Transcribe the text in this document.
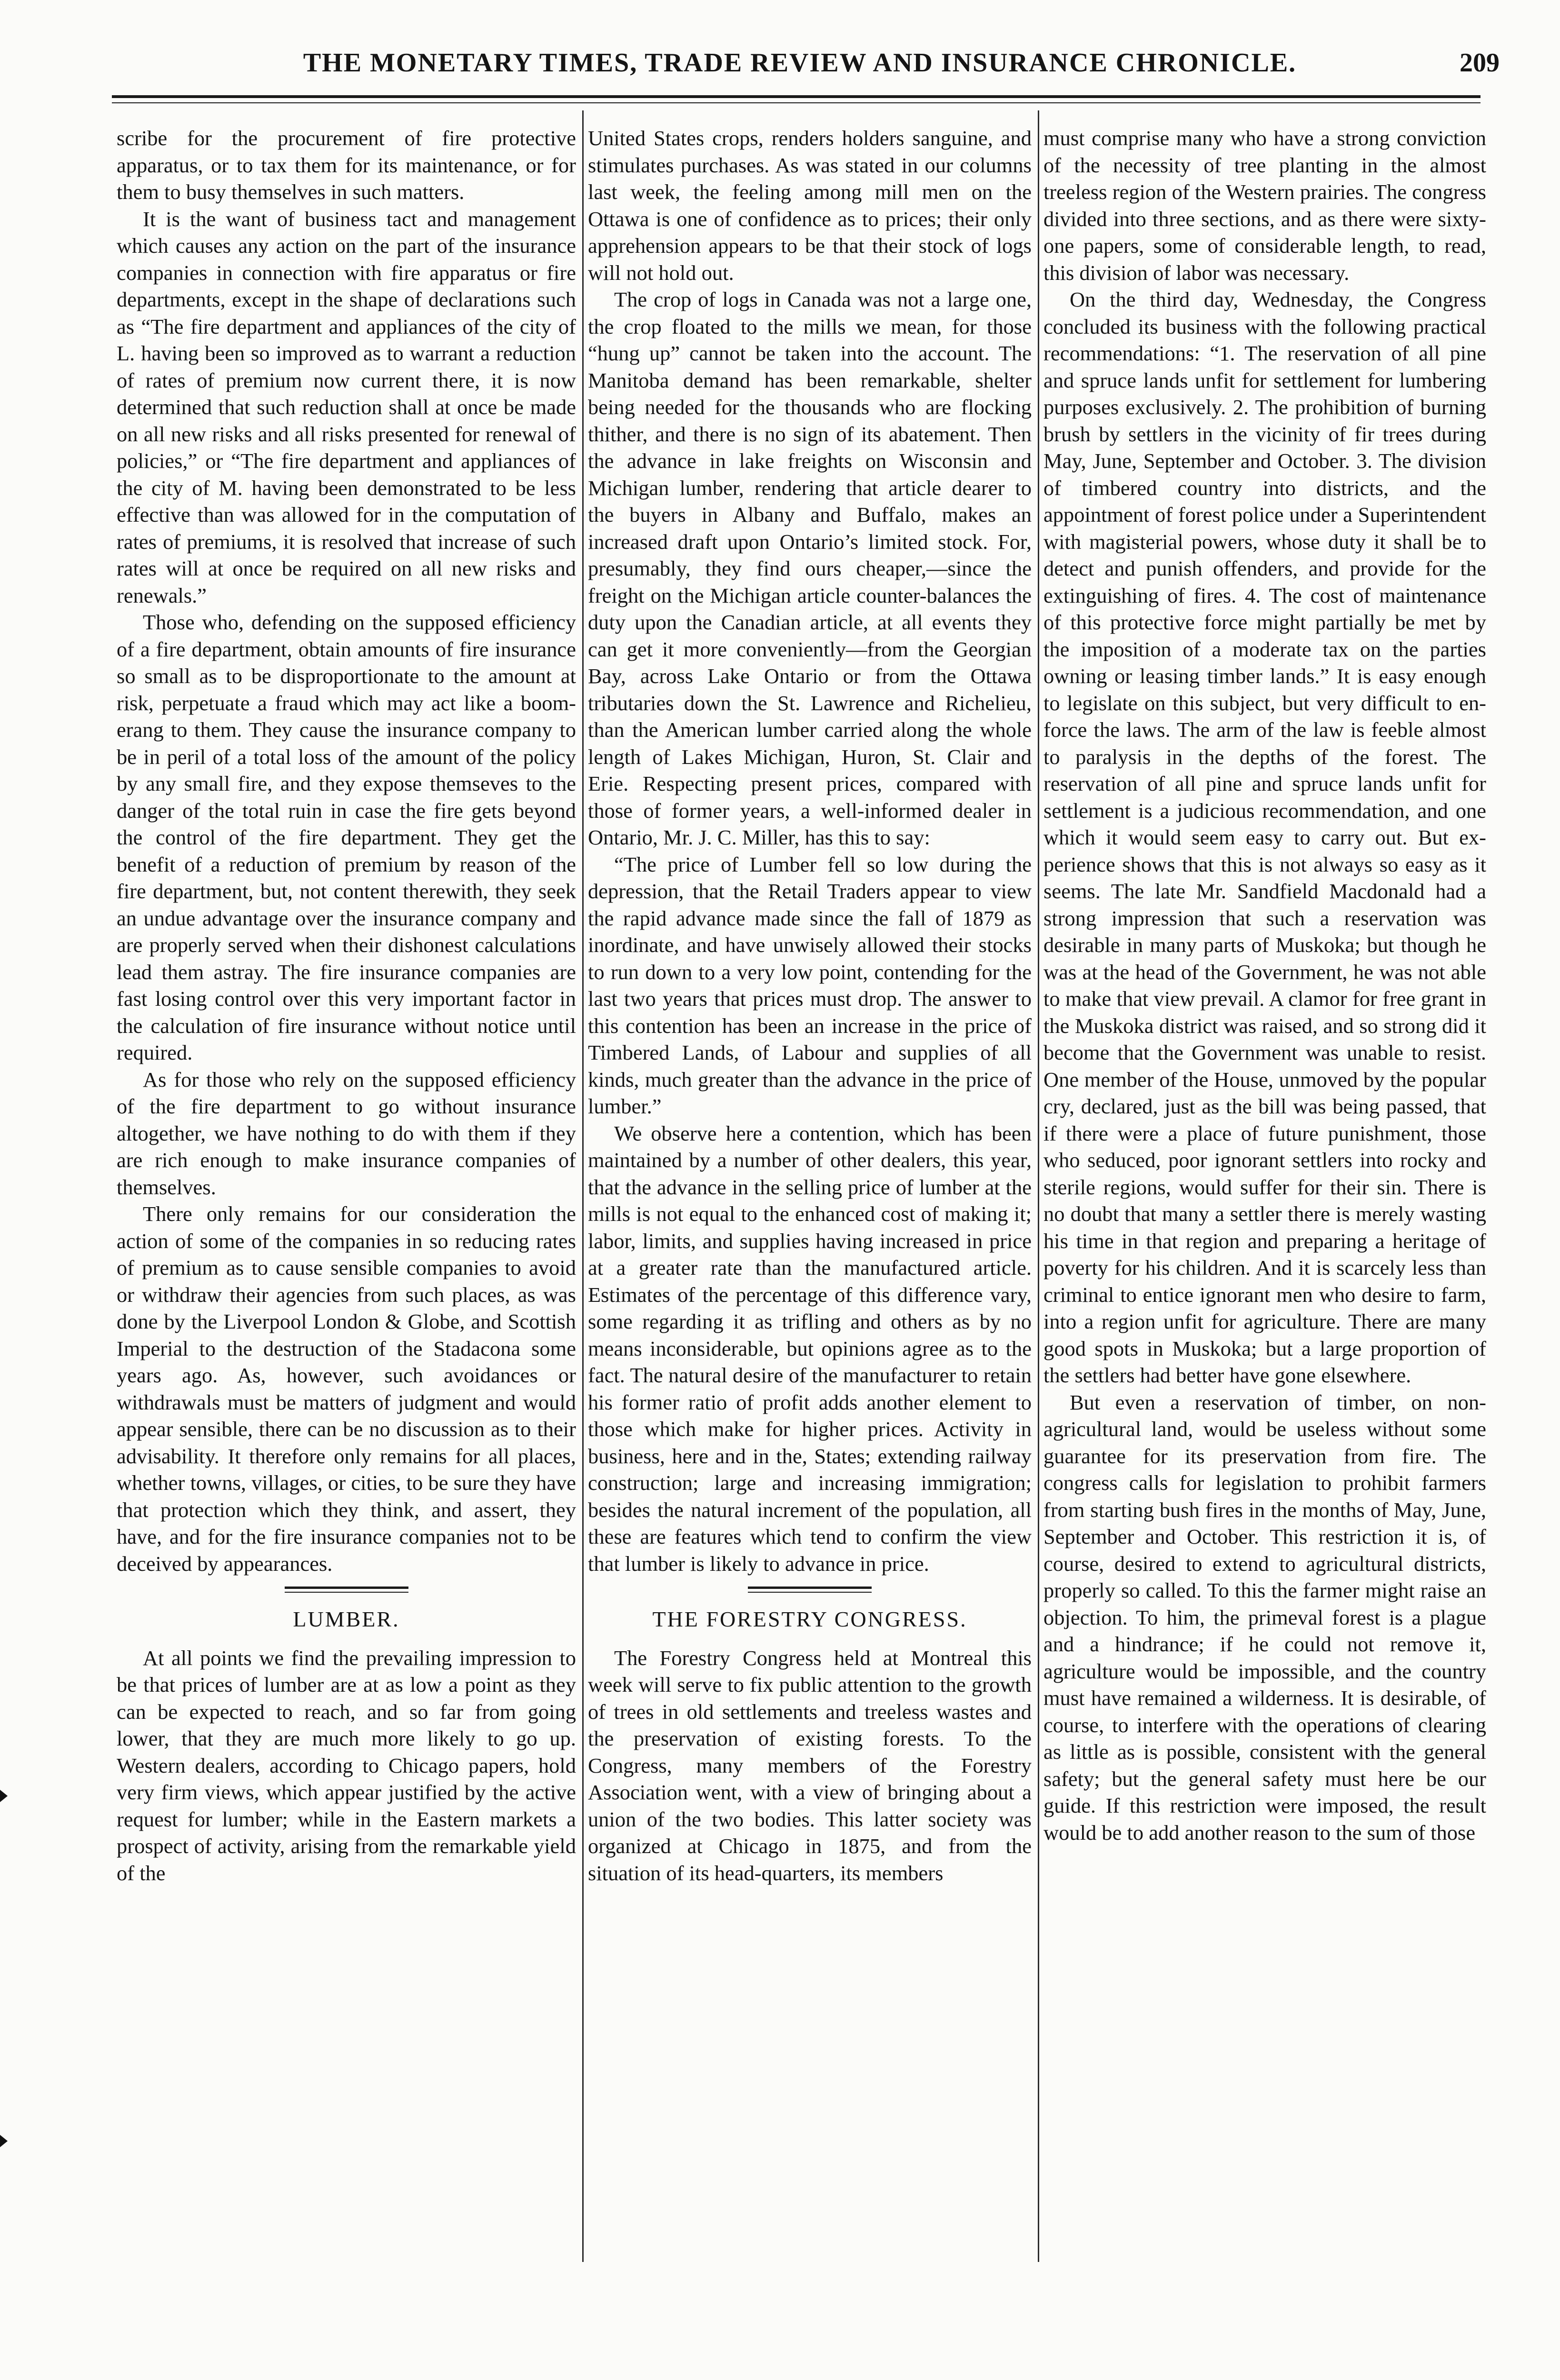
THE MONETARY TIMES, TRADE REVIEW AND INSURANCE CHRONICLE.	209

scribe for the procurement of fire protective apparatus, or to tax them for its maintenance, or for them to busy themselves in such matters.

It is the want of business tact and management which causes any action on the part of the insurance companies in connection with fire apparatus or fire departments, except in the shape of declarations such as “The fire department and appliances of the city of L. having been so improved as to warrant a reduction of rates of premium now current there, it is now determined that such reduction shall at once be made on all new risks and all risks presented for renewal of policies,” or “The fire department and appliances of the city of M. having been demonstrated to be less effective than was allowed for in the computation of rates of premiums, it is resolved that increase of such rates will at once be required on all new risks and renewals.”

Those who, defending on the supposed efficiency of a fire department, obtain amounts of fire insurance so small as to be disproportionate to the amount at risk, perpetuate a fraud which may act like a boomerang to them. They cause the insurance company to be in peril of a total loss of the amount of the policy by any small fire, and they expose themseves to the danger of the total ruin in case the fire gets beyond the control of the fire department. They get the benefit of a reduction of premium by reason of the fire department, but, not content therewith, they seek an undue advantage over the insurance company and are properly served when their dishonest calculations lead them astray. The fire insurance companies are fast losing control over this very important factor in the calculation of fire insurance without notice until required.

As for those who rely on the supposed efficiency of the fire department to go without insurance altogether, we have nothing to do with them if they are rich enough to make insurance companies of themselves.

There only remains for our consideration the action of some of the companies in so reducing rates of premium as to cause sensible companies to avoid or withdraw their agencies from such places, as was done by the Liverpool London & Globe, and Scottish Imperial to the destruction of the Stadacona some years ago. As, however, such avoidances or withdrawals must be matters of judgment and would appear sensible, there can be no discussion as to their advisability. It therefore only remains for all places, whether towns, villages, or cities, to be sure they have that protection which they think, and assert, they have, and for the fire insurance companies not to be deceived by appearances.

LUMBER.

At all points we find the prevailing impression to be that prices of lumber are at as low a point as they can be expected to reach, and so far from going lower, that they are much more likely to go up. Western dealers, according to Chicago papers, hold very firm views, which appear justified by the active request for lumber; while in the Eastern markets a prospect of activity, arising from the remarkable yield of the

United States crops, renders holders sanguine, and stimulates purchases. As was stated in our columns last week, the feeling among mill men on the Ottawa is one of confidence as to prices; their only apprehension appears to be that their stock of logs will not hold out.

The crop of logs in Canada was not a large one, the crop floated to the mills we mean, for those “hung up” cannot be taken into the account. The Manitoba demand has been remarkable, shelter being needed for the thousands who are flocking thither, and there is no sign of its abatement. Then the advance in lake freights on Wisconsin and Michigan lumber, rendering that article dearer to the buyers in Albany and Buffalo, makes an increased draft upon Ontario’s limited stock. For, presumably, they find ours cheaper,—since the freight on the Michigan article counter-balances the duty upon the Canadian article, at all events they can get it more conveniently—from the Georgian Bay, across Lake Ontario or from the Ottawa tributaries down the St. Lawrence and Richelieu, than the American lumber carried along the whole length of Lakes Michigan, Huron, St. Clair and Erie. Respecting present prices, compared with those of former years, a well-informed dealer in Ontario, Mr. J. C. Miller, has this to say:

“The price of Lumber fell so low during the depression, that the Retail Traders appear to view the rapid advance made since the fall of 1879 as inordinate, and have unwisely allowed their stocks to run down to a very low point, contending for the last two years that prices must drop. The answer to this contention has been an increase in the price of Timbered Lands, of Labour and supplies of all kinds, much greater than the advance in the price of lumber.”

We observe here a contention, which has been maintained by a number of other dealers, this year, that the advance in the selling price of lumber at the mills is not equal to the enhanced cost of making it; labor, limits, and supplies having increased in price at a greater rate than the manufactured article. Estimates of the percentage of this difference vary, some regarding it as trifling and others as by no means inconsiderable, but opinions agree as to the fact. The natural desire of the manufacturer to retain his former ratio of profit adds another element to those which make for higher prices. Activity in business, here and in the, States; extending railway construction; large and increasing immigration; besides the natural increment of the population, all these are features which tend to confirm the view that lumber is likely to advance in price.

THE FORESTRY CONGRESS.

The Forestry Congress held at Montreal this week will serve to fix public attention to the growth of trees in old settlements and treeless wastes and the preservation of existing forests. To the Congress, many members of the Forestry Association went, with a view of bringing about a union of the two bodies. This latter society was organized at Chicago in 1875, and from the situation of its head-quarters, its members

must comprise many who have a strong conviction of the necessity of tree planting in the almost treeless region of the Western prairies. The congress divided into three sections, and as there were sixty-one papers, some of considerable length, to read, this division of labor was necessary.

On the third day, Wednesday, the Congress concluded its business with the following practical recommendations: “1. The reservation of all pine and spruce lands unfit for settlement for lumbering purposes exclusively. 2. The prohibition of burning brush by settlers in the vicinity of fir trees during May, June, September and October. 3. The division of timbered country into districts, and the appointment of forest police under a Superintendent with magisterial powers, whose duty it shall be to detect and punish offenders, and provide for the extinguishing of fires. 4. The cost of maintenance of this protective force might partially be met by the imposition of a moderate tax on the parties owning or leasing timber lands.” It is easy enough to legislate on this subject, but very difficult to enforce the laws. The arm of the law is feeble almost to paralysis in the depths of the forest. The reservation of all pine and spruce lands unfit for settlement is a judicious recommendation, and one which it would seem easy to carry out. But experience shows that this is not always so easy as it seems. The late Mr. Sandfield Macdonald had a strong impression that such a reservation was desirable in many parts of Muskoka; but though he was at the head of the Government, he was not able to make that view prevail. A clamor for free grant in the Muskoka district was raised, and so strong did it become that the Government was unable to resist. One member of the House, unmoved by the popular cry, declared, just as the bill was being passed, that if there were a place of future punishment, those who seduced, poor ignorant settlers into rocky and sterile regions, would suffer for their sin. There is no doubt that many a settler there is merely wasting his time in that region and preparing a heritage of poverty for his children. And it is scarcely less than criminal to entice ignorant men who desire to farm, into a region unfit for agriculture. There are many good spots in Muskoka; but a large proportion of the settlers had better have gone elsewhere.

But even a reservation of timber, on non-agricultural land, would be useless without some guarantee for its preservation from fire. The congress calls for legislation to prohibit farmers from starting bush fires in the months of May, June, September and October. This restriction it is, of course, desired to extend to agricultural districts, properly so called. To this the farmer might raise an objection. To him, the primeval forest is a plague and a hindrance; if he could not remove it, agriculture would be impossible, and the country must have remained a wilderness. It is desirable, of course, to interfere with the operations of clearing as little as is possible, consistent with the general safety; but the general safety must here be our guide. If this restriction were imposed, the result would be to add another reason to the sum of those
